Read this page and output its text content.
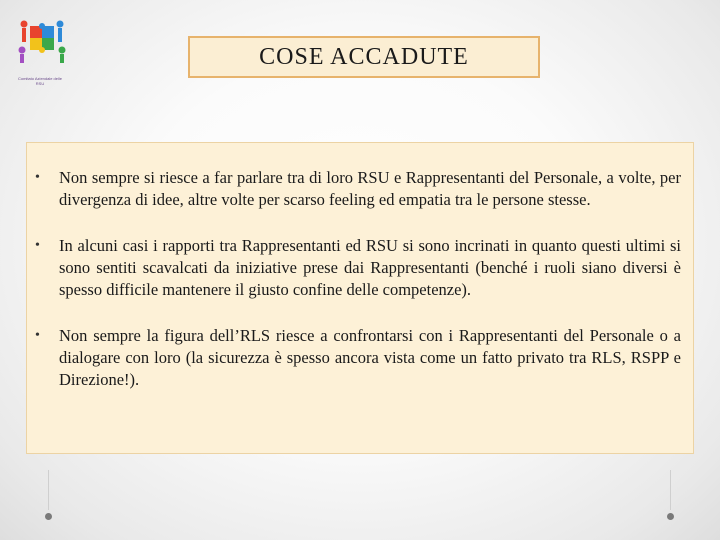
Comitato Aziendale delle RSU
COSE ACCADUTE
• Non sempre si riesce a far parlare tra di loro RSU e Rappresentanti del Personale, a volte, per divergenza di idee, altre volte per scarso feeling ed empatia tra le persone stesse.
• In alcuni casi i rapporti tra Rappresentanti ed RSU si sono incrinati in quanto questi ultimi si sono sentiti scavalcati da iniziative prese dai Rappresentanti (benché i ruoli siano diversi è spesso difficile mantenere il giusto confine delle competenze).
• Non sempre la figura dell’RLS riesce a confrontarsi con i Rappresentanti del Personale o a dialogare con loro (la sicurezza è spesso ancora vista come un fatto privato tra RLS, RSPP e Direzione!).
